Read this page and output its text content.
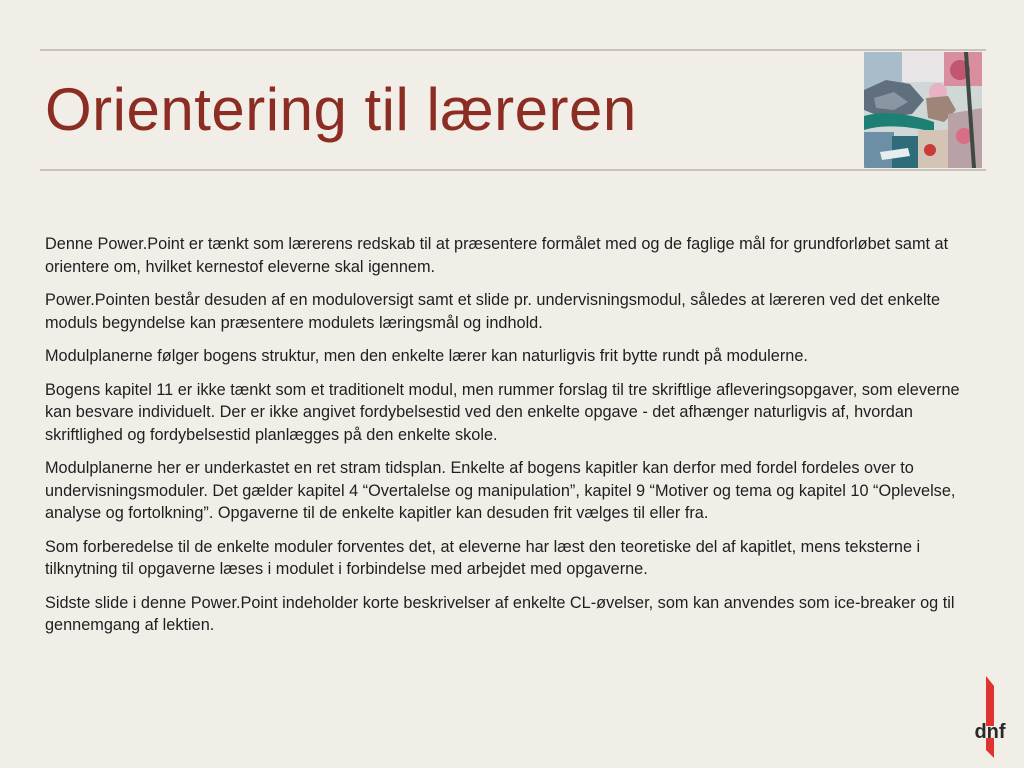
Orientering til læreren

Denne Power.Point er tænkt som lærerens redskab til at præsentere formålet med og de faglige mål for grundforløbet samt at orientere om, hvilket kernestof eleverne skal igennem.

Power.Pointen består desuden af en moduloversigt samt et slide pr. undervisningsmodul, således at læreren ved det enkelte moduls begyndelse kan præsentere modulets læringsmål og indhold.

Modulplanerne følger bogens struktur, men den enkelte lærer kan naturligvis frit bytte rundt på modulerne.

Bogens kapitel 11 er ikke tænkt som et traditionelt modul, men rummer forslag til tre skriftlige afleveringsopgaver, som eleverne kan besvare individuelt. Der er ikke angivet fordybelsestid ved den enkelte opgave - det afhænger naturligvis af, hvordan skriftlighed og fordybelsestid planlægges på den enkelte skole.

Modulplanerne her er underkastet en ret stram tidsplan. Enkelte af bogens kapitler kan derfor med fordel fordeles over to undervisningsmoduler. Det gælder kapitel 4 “Overtalelse og manipulation”, kapitel 9 “Motiver og tema og kapitel 10 “Oplevelse, analyse og fortolkning”. Opgaverne til de enkelte kapitler kan desuden frit vælges til eller fra.

Som forberedelse til de enkelte moduler forventes det, at eleverne har læst den teoretiske del af kapitlet, mens teksterne i tilknytning til opgaverne læses i modulet i forbindelse med arbejdet med opgaverne.

Sidste slide i denne Power.Point indeholder korte beskrivelser af enkelte CL-øvelser, som kan anvendes som ice-breaker og til gennemgang af lektien.

dnf
